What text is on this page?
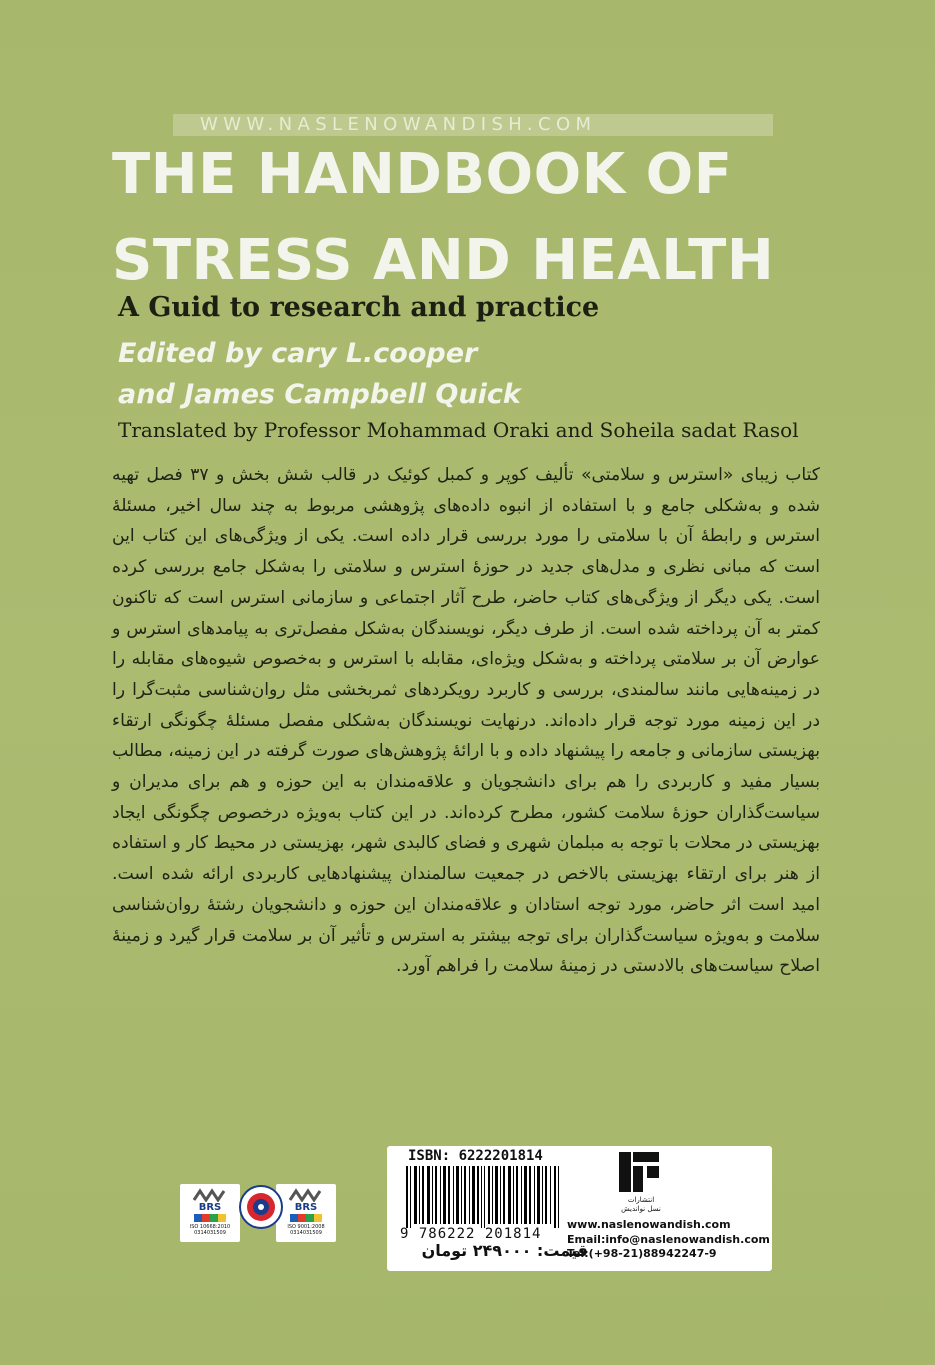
WWW.NASLENOWANDISH.COM
THE HANDBOOK OF
STRESS AND HEALTH
A Guid to research and practice
Edited by cary L.cooper
and James Campbell Quick
Translated by Professor Mohammad Oraki and Soheila sadat Rasol
کتاب زیبای «استرس و سلامتی» تألیف کوپر و کمبل کوئیک در قالب شش بخش و ۳۷ فصل تهیه شده و به‌شکلی جامع و با استفاده از انبوه داده‌های پژوهشی مربوط به چند سال اخیر، مسئلهٔ استرس و رابطهٔ آن با سلامتی را مورد بررسی قرار داده است. یکی از ویژگی‌های این کتاب این است که مبانی نظری و مدل‌های جدید در حوزهٔ استرس و سلامتی را به‌شکل جامع بررسی کرده است. یکی دیگر از ویژگی‌های کتاب حاضر، طرح آثار اجتماعی و سازمانی استرس است که تاکنون کمتر به آن پرداخته شده است. از طرف دیگر، نویسندگان به‌شکل مفصل‌تری به پیامدهای استرس و عوارض آن بر سلامتی پرداخته و به‌شکل ویژه‌ای، مقابله با استرس و به‌خصوص شیوه‌های مقابله را در زمینه‌هایی مانند سالمندی، بررسی و کاربرد رویکردهای ثمربخشی مثل روان‌شناسی مثبت‌گرا را در این زمینه مورد توجه قرار داده‌اند. درنهایت نویسندگان به‌شکلی مفصل مسئلهٔ چگونگی ارتقاء بهزیستی سازمانی و جامعه را پیشنهاد داده و با ارائهٔ پژوهش‌های صورت گرفته در این زمینه، مطالب بسیار مفید و کاربردی را هم برای دانشجویان و علاقه‌مندان به این حوزه و هم برای مدیران و سیاست‌گذاران حوزهٔ سلامت کشور، مطرح کرده‌اند. در این کتاب به‌ویژه درخصوص چگونگی ایجاد بهزیستی در محلات با توجه به مبلمان شهری و فضای کالبدی شهر، بهزیستی در محیط کار و استفاده از هنر برای ارتقاء بهزیستی بالاخص در جمعیت سالمندان پیشنهادهایی کاربردی ارائه شده است. امید است اثر حاضر، مورد توجه استادان و علاقه‌مندان این حوزه و دانشجویان رشتهٔ روان‌شناسی سلامت و به‌ویژه سیاست‌گذاران برای توجه بیشتر به استرس و تأثیر آن بر سلامت قرار گیرد و زمینهٔ اصلاح سیاست‌های بالادستی در زمینهٔ سلامت را فراهم آورد.
BRS
ISO 10668:2010 0314031509
BRS
ISO 9001:2008 0314031509
ISBN: 6222201814
9 786222 201814
قیمت: ۲۴۹۰۰۰ تومان
انتشارات
نسل نواندیش
www.naslenowandish.com
Email:info@naslenowandish.com
Tel:(+98-21)88942247-9
